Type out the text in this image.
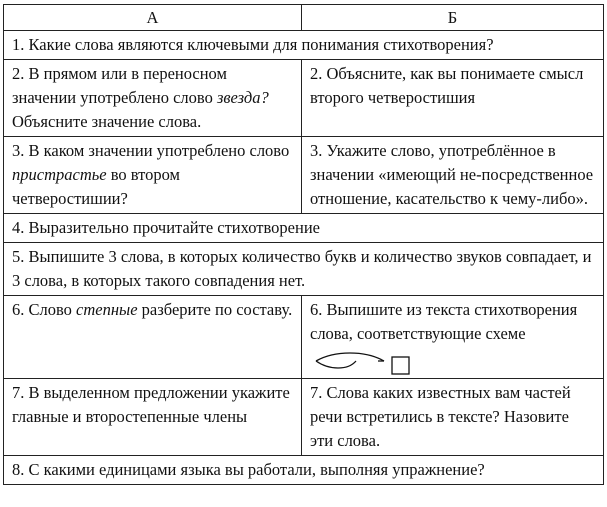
А	Б
1. Какие слова являются ключевыми для понимания стихотворения?	
2. В прямом или в переносном значении употреблено слово звезда? Объясните значение слова.	2. Объясните, как вы понимаете смысл второго четверостишия
3. В каком значении употреблено слово пристрастье во втором четверостишии?	3. Укажите слово, употреблённое в значении «имеющий не-посредственное отношение, касательство к чему-либо».
4. Выразительно прочитайте стихотворение	
5. Выпишите 3 слова, в которых количество букв и количество звуков совпадает, и 3 слова, в которых такого совпадения нет.	
6. Слово степные разберите по составу.	6. Выпишите из текста стихотворения слова, соответствующие схеме

7. В выделенном предложении укажите главные и второстепенные члены	7. Слова каких известных вам частей речи встретились в тексте? Назовите эти слова.
8. С какими единицами языка вы работали, выполняя упражнение?	
